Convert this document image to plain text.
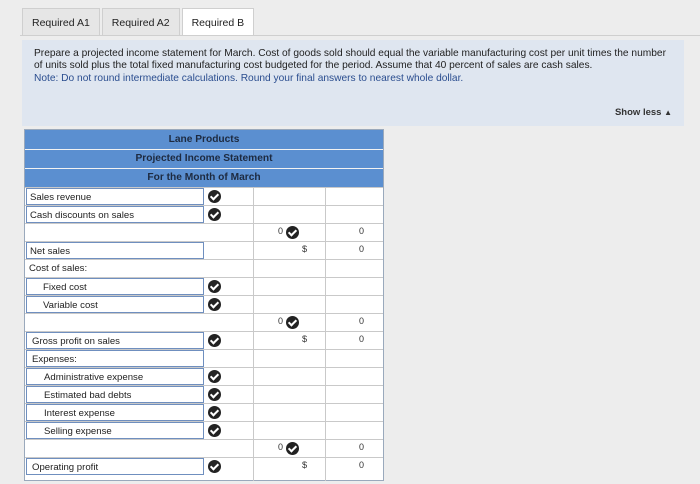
Required A1	Required A2	Required B
Prepare a projected income statement for March. Cost of goods sold should equal the variable manufacturing cost per unit times the number of units sold plus the total fixed manufacturing cost budgeted for the period. Assume that 40 percent of sales are cash sales.
Note: Do not round intermediate calculations. Round your final answers to nearest whole dollar.
Show less ▲
Lane Products
Projected Income Statement
For the Month of March
Sales revenue
Cash discounts on sales
0	0
Net sales	$	0
Cost of sales:
Fixed cost
Variable cost
0	0
Gross profit on sales	$	0
Expenses:
Administrative expense
Estimated bad debts
Interest expense
Selling expense
0	0
Operating profit	$	0
